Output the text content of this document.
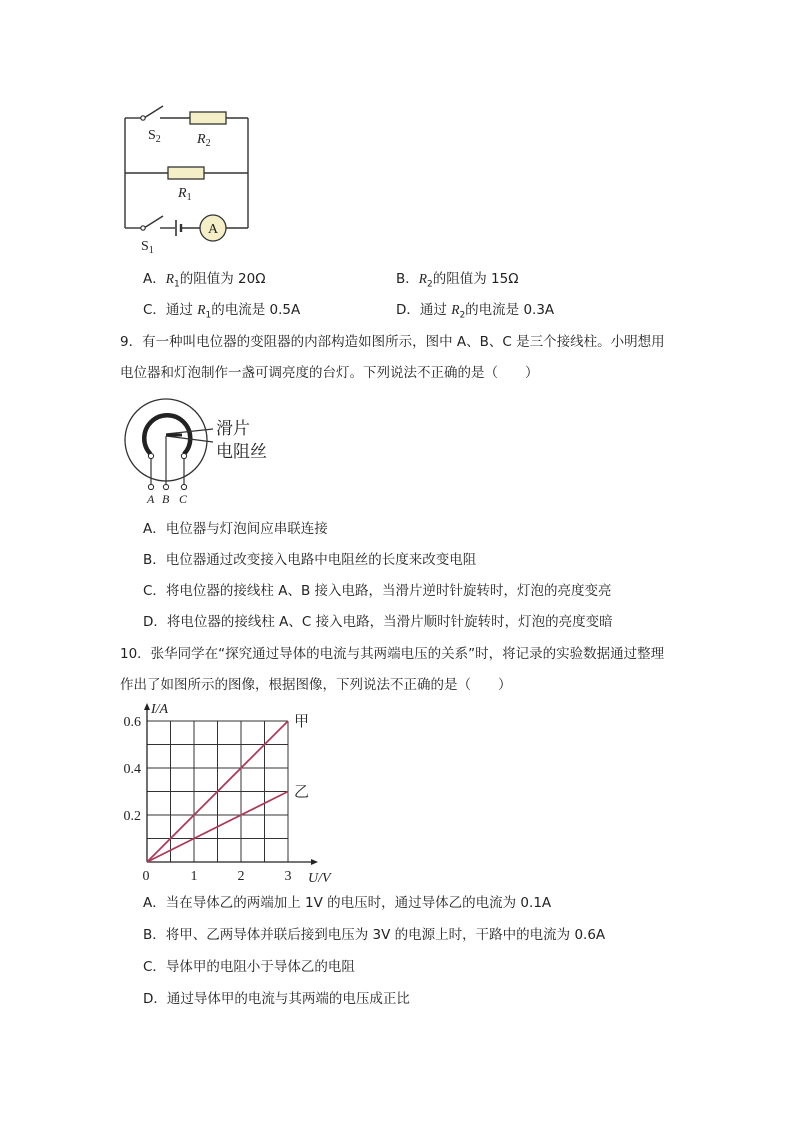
A
$S_2$	$R_2$
$R_1$
$S_1$
A．$R_1$的阻值为 20Ω	B．$R_2$的阻值为 15Ω
C．通过 $R_1$的电流是 0.5A	D．通过 $R_2$的电流是 0.3A
9．有一种叫电位器的变阻器的内部构造如图所示，图中 A、B、C 是三个接线柱。小明想用
电位器和灯泡制作一盏可调亮度的台灯。下列说法不正确的是（　　）
A B C
滑片
电阻丝
A．电位器与灯泡间应串联连接
B．电位器通过改变接入电路中电阻丝的长度来改变电阻
C．将电位器的接线柱 A、B 接入电路，当滑片逆时针旋转时，灯泡的亮度变亮
D．将电位器的接线柱 A、C 接入电路，当滑片顺时针旋转时，灯泡的亮度变暗
10．张华同学在“探究通过导体的电流与其两端电压的关系”时，将记录的实验数据通过整理
作出了如图所示的图像，根据图像，下列说法不正确的是（　　）
甲
乙
1	2	3
0.2
0.4
0.6
0
I/A
U/V
A．当在导体乙的两端加上 1V 的电压时，通过导体乙的电流为 0.1A
B．将甲、乙两导体并联后接到电压为 3V 的电源上时，干路中的电流为 0.6A
C．导体甲的电阻小于导体乙的电阻
D．通过导体甲的电流与其两端的电压成正比
